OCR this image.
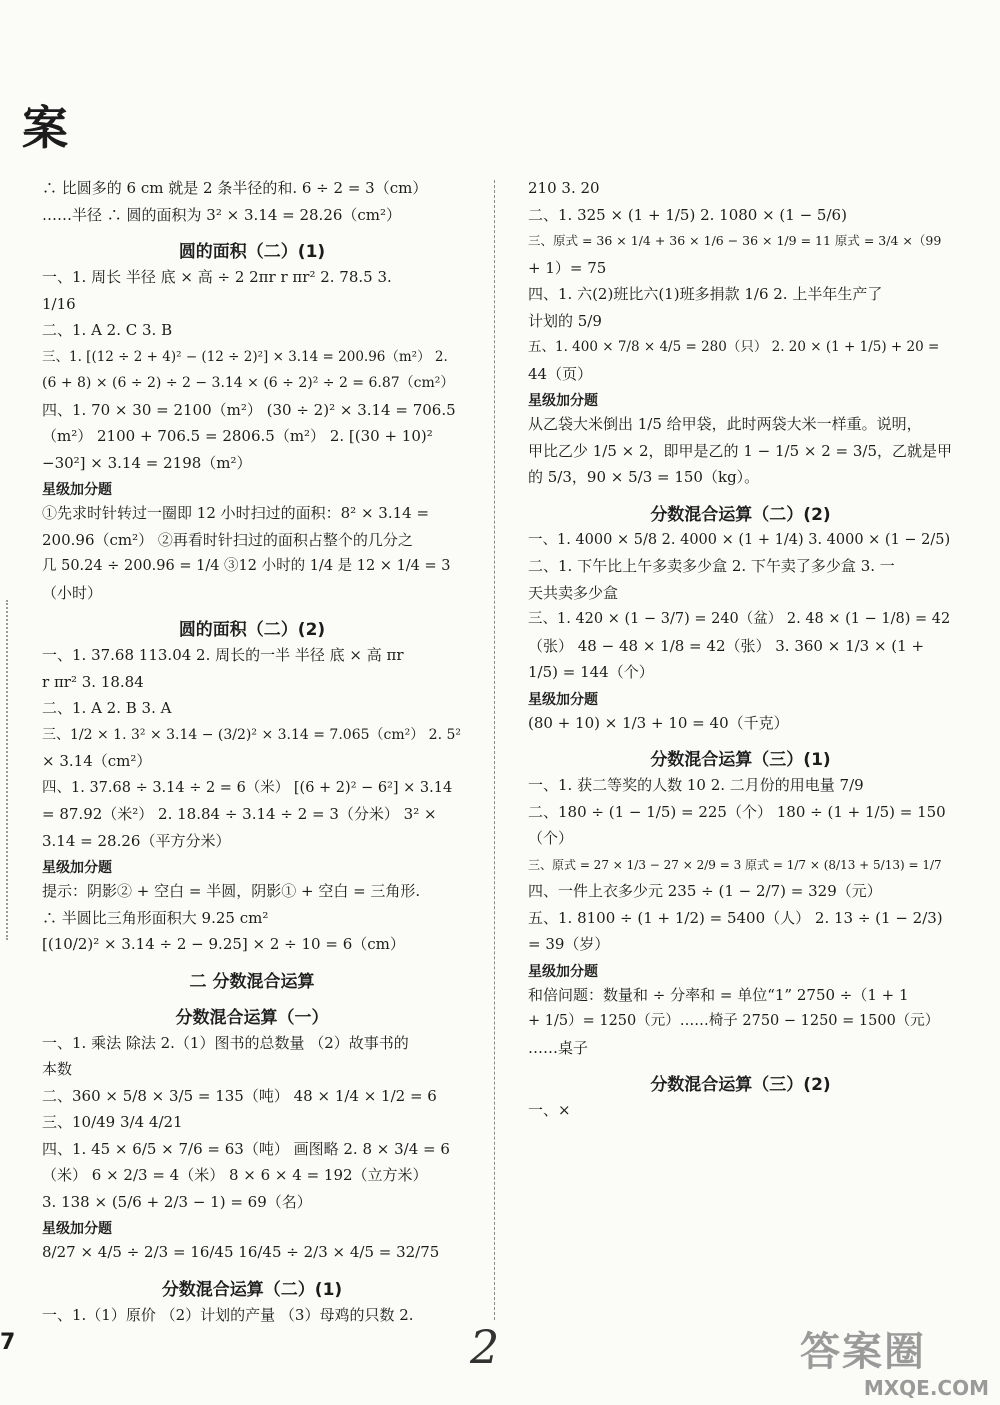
案
∴ 比圆多的 6 cm 就是 2 条半径的和. 6 ÷ 2 = 3（cm）
……半径 ∴ 圆的面积为 3² × 3.14 = 28.26（cm²）
圆的面积（二）(1)
一、1. 周长 半径 底 × 高 ÷ 2 2πr r πr² 2. 78.5 3.
1/16
二、1. A 2. C 3. B
三、1. [(12 ÷ 2 + 4)² − (12 ÷ 2)²] × 3.14 = 200.96（m²） 2.
(6 + 8) × (6 ÷ 2) ÷ 2 − 3.14 × (6 ÷ 2)² ÷ 2 = 6.87（cm²）
四、1. 70 × 30 = 2100（m²） (30 ÷ 2)² × 3.14 = 706.5
（m²） 2100 + 706.5 = 2806.5（m²） 2. [(30 + 10)²
−30²] × 3.14 = 2198（m²）
星级加分题
①先求时针转过一圈即 12 小时扫过的面积：8² × 3.14 =
200.96（cm²） ②再看时针扫过的面积占整个的几分之
几 50.24 ÷ 200.96 = 1/4 ③12 小时的 1/4 是 12 × 1/4 = 3
（小时）
圆的面积（二）(2)
一、1. 37.68 113.04 2. 周长的一半 半径 底 × 高 πr
r πr² 3. 18.84
二、1. A 2. B 3. A
三、1/2 × 1. 3² × 3.14 − (3/2)² × 3.14 = 7.065（cm²） 2. 5²
× 3.14（cm²）
四、1. 37.68 ÷ 3.14 ÷ 2 = 6（米） [(6 + 2)² − 6²] × 3.14
= 87.92（米²） 2. 18.84 ÷ 3.14 ÷ 2 = 3（分米） 3² ×
3.14 = 28.26（平方分米）
星级加分题
提示：阴影② + 空白 = 半圆，阴影① + 空白 = 三角形.
∴ 半圆比三角形面积大 9.25 cm²
[(10/2)² × 3.14 ÷ 2 − 9.25] × 2 ÷ 10 = 6（cm）
二 分数混合运算
分数混合运算（一）
一、1. 乘法 除法 2.（1）图书的总数量 （2）故事书的
本数
二、360 × 5/8 × 3/5 = 135（吨） 48 × 1/4 × 1/2 = 6
三、10/49 3/4 4/21
四、1. 45 × 6/5 × 7/6 = 63（吨） 画图略 2. 8 × 3/4 = 6
（米） 6 × 2/3 = 4（米） 8 × 6 × 4 = 192（立方米）
3. 138 × (5/6 + 2/3 − 1) = 69（名）
星级加分题
8/27 × 4/5 ÷ 2/3 = 16/45 16/45 ÷ 2/3 × 4/5 = 32/75
分数混合运算（二）(1)
一、1.（1）原价 （2）计划的产量 （3）母鸡的只数 2.
210 3. 20
二、1. 325 × (1 + 1/5) 2. 1080 × (1 − 5/6)
三、原式 = 36 × 1/4 + 36 × 1/6 − 36 × 1/9 = 11 原式 = 3/4 ×（99
+ 1）= 75
四、1. 六(2)班比六(1)班多捐款 1/6 2. 上半年生产了
计划的 5/9
五、1. 400 × 7/8 × 4/5 = 280（只） 2. 20 × (1 + 1/5) + 20 =
44（页）
星级加分题
从乙袋大米倒出 1/5 给甲袋，此时两袋大米一样重。说明，
甲比乙少 1/5 × 2，即甲是乙的 1 − 1/5 × 2 = 3/5，乙就是甲
的 5/3，90 × 5/3 = 150（kg）。
分数混合运算（二）(2)
一、1. 4000 × 5/8 2. 4000 × (1 + 1/4) 3. 4000 × (1 − 2/5)
二、1. 下午比上午多卖多少盒 2. 下午卖了多少盒 3. 一
天共卖多少盒
三、1. 420 × (1 − 3/7) = 240（盆） 2. 48 × (1 − 1/8) = 42
（张） 48 − 48 × 1/8 = 42（张） 3. 360 × 1/3 × (1 +
1/5) = 144（个）
星级加分题
(80 + 10) × 1/3 + 10 = 40（千克）
分数混合运算（三）(1)
一、1. 获二等奖的人数 10 2. 二月份的用电量 7/9
二、180 ÷ (1 − 1/5) = 225（个） 180 ÷ (1 + 1/5) = 150
（个）
三、原式 = 27 × 1/3 − 27 × 2/9 = 3 原式 = 1/7 × (8/13 + 5/13) = 1/7
四、一件上衣多少元 235 ÷ (1 − 2/7) = 329（元）
五、1. 8100 ÷ (1 + 1/2) = 5400（人） 2. 13 ÷ (1 − 2/3)
= 39（岁）
星级加分题
和倍问题：数量和 ÷ 分率和 = 单位“1” 2750 ÷（1 + 1
+ 1/5）= 1250（元）……椅子 2750 − 1250 = 1500（元）
……桌子
分数混合运算（三）(2)
一、×
7	2	答案圈
MXQE.COM
